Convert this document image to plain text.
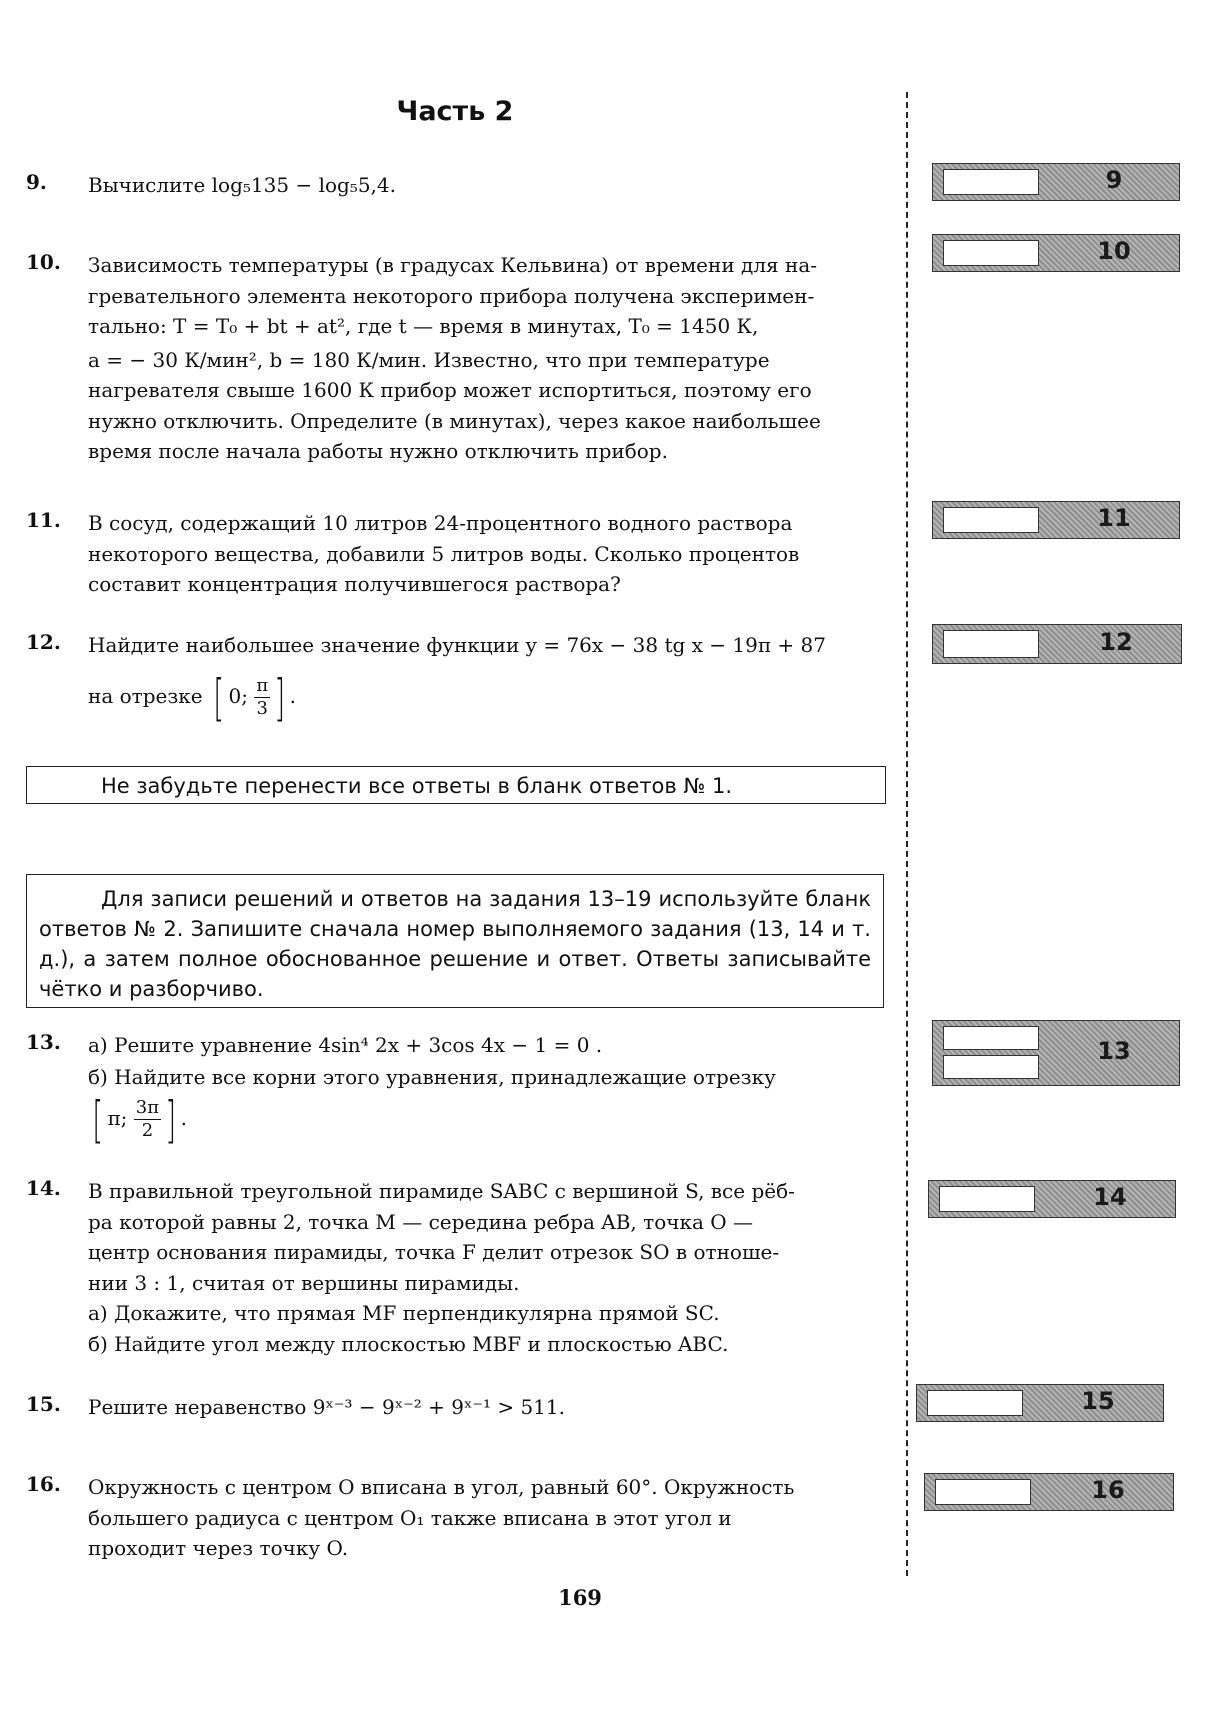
Часть 2
9. Вычислите log₅135 − log₅5,4.
10. Зависимость температуры (в градусах Кельвина) от времени для на-
гревательного элемента некоторого прибора получена эксперимен-
тально: T = T₀ + bt + at², где t — время в минутах, T₀ = 1450 К,
a = − 30 К/мин², b = 180 К/мин. Известно, что при температуре
нагревателя свыше 1600 К прибор может испортиться, поэтому его
нужно отключить. Определите (в минутах), через какое наибольшее
время после начала работы нужно отключить прибор.
11. В сосуд, содержащий 10 литров 24-процентного водного раствора
некоторого вещества, добавили 5 литров воды. Сколько процентов
составит концентрация получившегося раствора?
12. Найдите наибольшее значение функции y = 76x − 38 tg x − 19π + 87
на отрезке [ 0; $\frac{\pi}{3}$ ] .
Не забудьте перенести все ответы в бланк ответов № 1.
Для записи решений и ответов на задания 13–19 используйте бланк ответов № 2. Запишите сначала номер выполняемого задания (13, 14 и т. д.), а затем полное обоснованное решение и ответ. Ответы записывайте чётко и разборчиво.
13. а) Решите уравнение 4sin⁴ 2x + 3cos 4x − 1 = 0 .
б) Найдите все корни этого уравнения, принадлежащие отрезку
[ π; $\frac{3\pi}{2}$ ] .
14. В правильной треугольной пирамиде SABC с вершиной S, все рёб-
ра которой равны 2, точка M — середина ребра AB, точка O —
центр основания пирамиды, точка F делит отрезок SO в отноше-
нии 3 : 1, считая от вершины пирамиды.
а) Докажите, что прямая MF перпендикулярна прямой SC.
б) Найдите угол между плоскостью MBF и плоскостью ABC.
15. Решите неравенство 9ˣ⁻³ − 9ˣ⁻² + 9ˣ⁻¹ > 511.
16. Окружность с центром O вписана в угол, равный 60°. Окружность
большего радиуса с центром O₁ также вписана в этот угол и
проходит через точку O.
9
10
11
12
13
14
15
16
169
